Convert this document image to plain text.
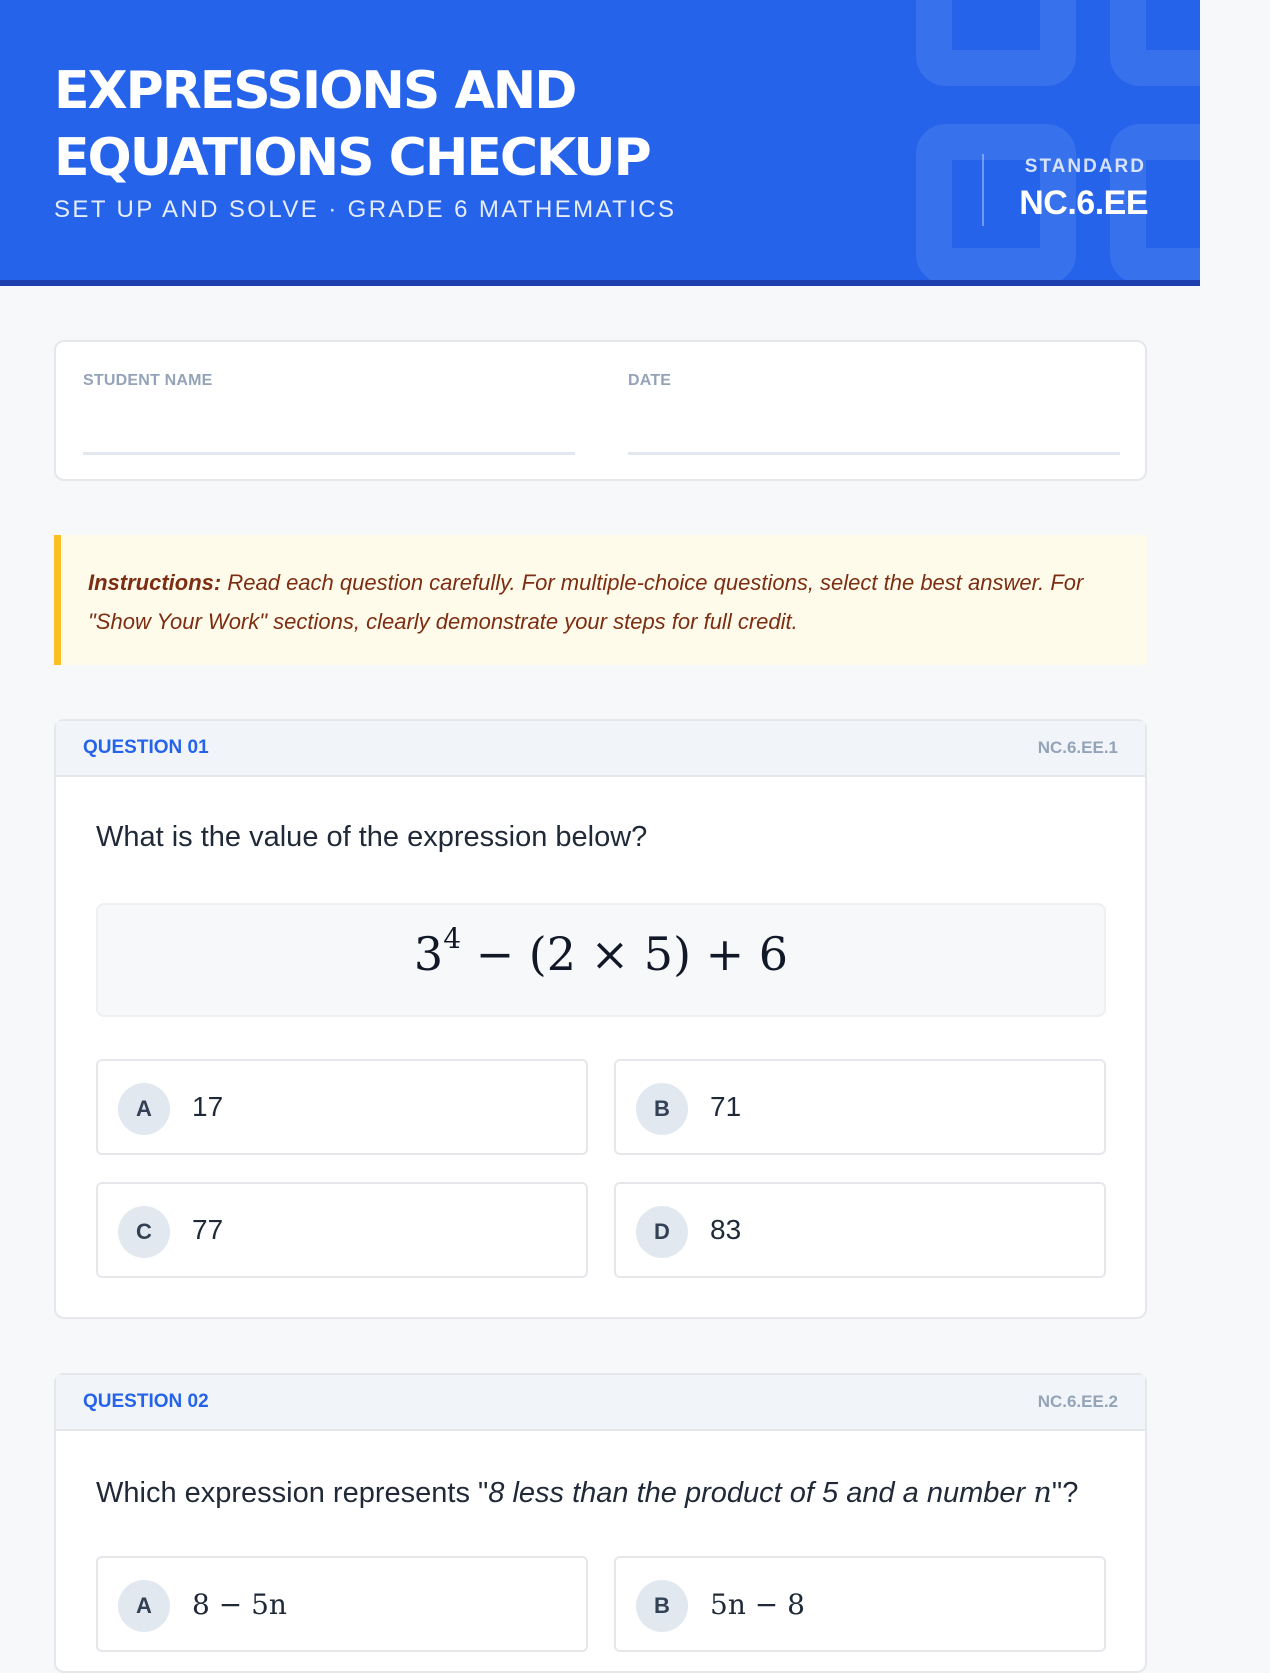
EXPRESSIONS AND
EQUATIONS CHECKUP
SET UP AND SOLVE · GRADE 6 MATHEMATICS
STANDARD
NC.6.EE
STUDENT NAME	DATE
Instructions: Read each question carefully. For multiple-choice questions, select the best answer. For "Show Your Work" sections, clearly demonstrate your steps for full credit.
QUESTION 01	NC.6.EE.1
What is the value of the expression below?
$3^4 - (2 \times 5) + 6$
A	17	B	71
C	77	D	83
QUESTION 02	NC.6.EE.2
Which expression represents "8 less than the product of 5 and a number n"?
A	8 − 5n	B	5n − 8
